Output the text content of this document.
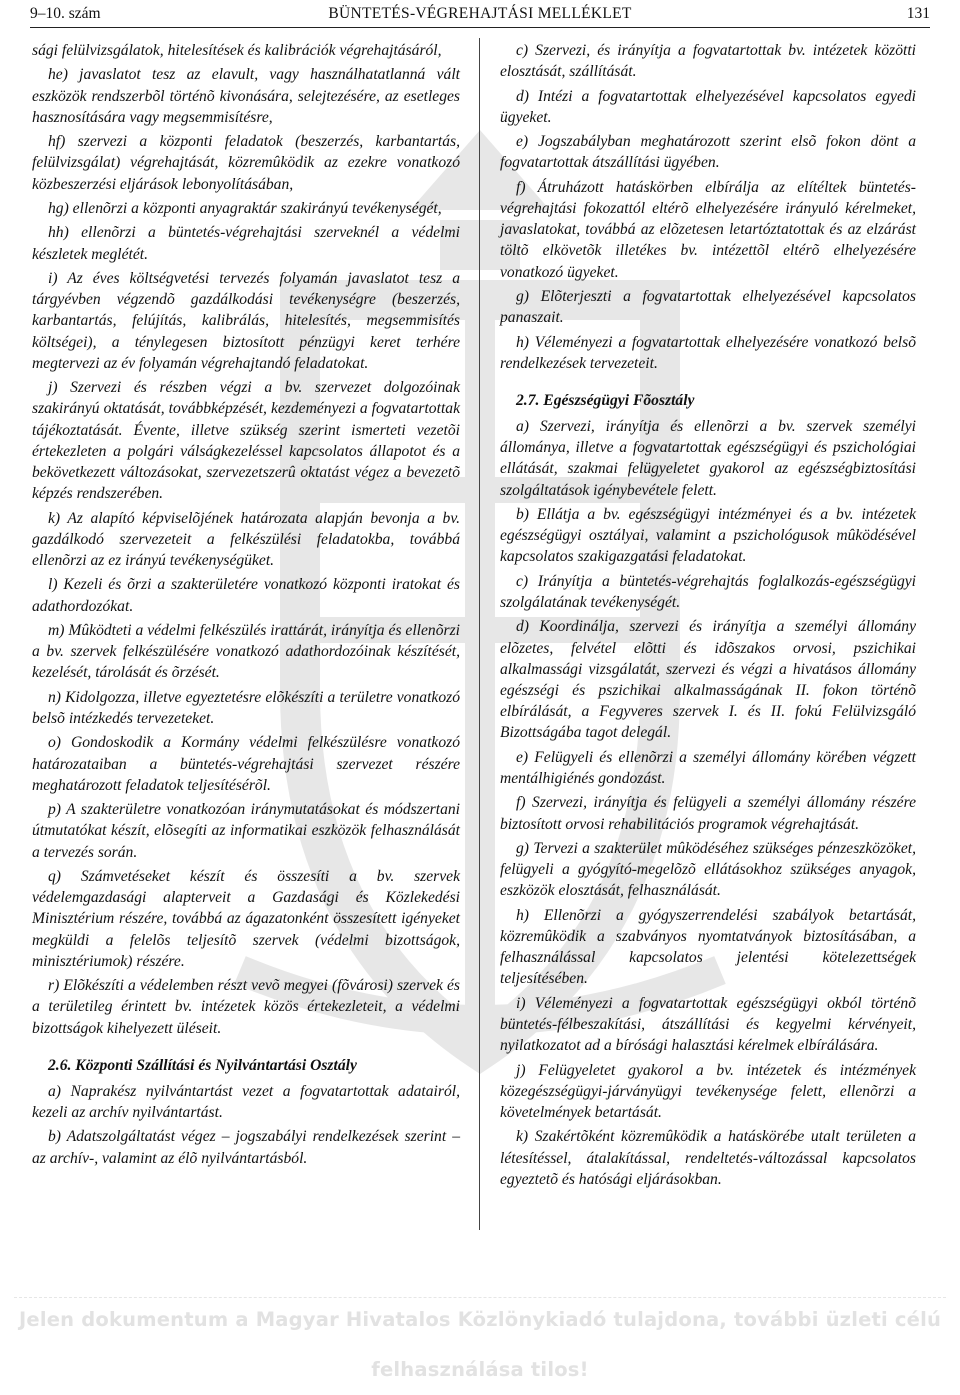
9–10. szám	BÜNTETÉS-VÉGREHAJTÁSI MELLÉKLET	131

sági felülvizsgálatok, hitelesítések és kalibrációk végrehajtásáról,

he) javaslatot tesz az elavult, vagy használhatatlanná vált eszközök rendszerbõl történõ kivonására, selejtezésére, az esetleges hasznosítására vagy megsemmisítésre,

hf) szervezi a központi feladatok (beszerzés, karbantartás, felülvizsgálat) végrehajtását, közremûködik az ezekre vonatkozó közbeszerzési eljárások lebonyolításában,

hg) ellenõrzi a központi anyagraktár szakirányú tevékenységét,

hh) ellenõrzi a büntetés-végrehajtási szerveknél a védelmi készletek meglétét.

i) Az éves költségvetési tervezés folyamán javaslatot tesz a tárgyévben végzendõ gazdálkodási tevékenységre (beszerzés, karbantartás, felújítás, kalibrálás, hitelesítés, megsemmisítés költségei), a ténylegesen biztosított pénzügyi keret terhére megtervezi az év folyamán végrehajtandó feladatokat.

j) Szervezi és részben végzi a bv. szervezet dolgozóinak szakirányú oktatását, továbbképzését, kezdeményezi a fogvatartottak tájékoztatását. Évente, illetve szükség szerint ismerteti vezetõi értekezleten a polgári válságkezeléssel kapcsolatos állapotot és a bekövetkezett változásokat, szervezetszerû oktatást végez a bevezetõ képzés rendszerében.

k) Az alapító képviselõjének határozata alapján bevonja a bv. gazdálkodó szervezeteit a felkészülési feladatokba, továbbá ellenõrzi az ez irányú tevékenységüket.

l) Kezeli és õrzi a szakterületére vonatkozó központi iratokat és adathordozókat.

m) Mûködteti a védelmi felkészülés irattárát, irányítja és ellenõrzi a bv. szervek felkészülésére vonatkozó adathordozóinak készítését, kezelését, tárolását és õrzését.

n) Kidolgozza, illetve egyeztetésre elõkészíti a területre vonatkozó belsõ intézkedés tervezeteket.

o) Gondoskodik a Kormány védelmi felkészülésre vonatkozó határozataiban a büntetés-végrehajtási szervezet részére meghatározott feladatok teljesítésérõl.

p) A szakterületre vonatkozóan iránymutatásokat és módszertani útmutatókat készít, elõsegíti az informatikai eszközök felhasználását a tervezés során.

q) Számvetéseket készít és összesíti a bv. szervek védelemgazdasági alapterveit a Gazdasági és Közlekedési Minisztérium részére, továbbá az ágazatonként összesített igényeket megküldi a felelõs teljesítõ szervek (védelmi bizottságok, minisztériumok) részére.

r) Elõkészíti a védelemben részt vevõ megyei (fõvárosi) szervek és a területileg érintett bv. intézetek közös értekezleteit, a védelmi bizottságok kihelyezett üléseit.

2.6. Központi Szállítási és Nyilvántartási Osztály

a) Naprakész nyilvántartást vezet a fogvatartottak adatairól, kezeli az archív nyilvántartást.

b) Adatszolgáltatást végez – jogszabályi rendelkezések szerint – az archív-, valamint az élõ nyilvántartásból.

c) Szervezi, és irányítja a fogvatartottak bv. intézetek közötti elosztását, szállítását.

d) Intézi a fogvatartottak elhelyezésével kapcsolatos egyedi ügyeket.

e) Jogszabályban meghatározott szerint elsõ fokon dönt a fogvatartottak átszállítási ügyében.

f) Átruházott hatáskörben elbírálja az elítéltek büntetés-végrehajtási fokozattól eltérõ elhelyezésére irányuló kérelmeket, javaslatokat, továbbá az elõzetesen letartóztatottak és az elzárást töltõ elkövetõk illetékes bv. intézettõl eltérõ elhelyezésére vonatkozó ügyeket.

g) Elõterjeszti a fogvatartottak elhelyezésével kapcsolatos panaszait.

h) Véleményezi a fogvatartottak elhelyezésére vonatkozó belsõ rendelkezések tervezeteit.

2.7. Egészségügyi Fõosztály

a) Szervezi, irányítja és ellenõrzi a bv. szervek személyi állománya, illetve a fogvatartottak egészségügyi és pszichológiai ellátását, szakmai felügyeletet gyakorol az egészségbiztosítási szolgáltatások igénybevétele felett.

b) Ellátja a bv. egészségügyi intézményei és a bv. intézetek egészségügyi osztályai, valamint a pszichológusok mûködésével kapcsolatos szakigazgatási feladatokat.

c) Irányítja a büntetés-végrehajtás foglalkozás-egészségügyi szolgálatának tevékenységét.

d) Koordinálja, szervezi és irányítja a személyi állomány elõzetes, felvétel elõtti és idõszakos orvosi, pszichikai alkalmassági vizsgálatát, szervezi és végzi a hivatásos állomány egészségi és pszichikai alkalmasságának II. fokon történõ elbírálását, a Fegyveres szervek I. és II. fokú Felülvizsgáló Bizottságába tagot delegál.

e) Felügyeli és ellenõrzi a személyi állomány körében végzett mentálhigiénés gondozást.

f) Szervezi, irányítja és felügyeli a személyi állomány részére biztosított orvosi rehabilitációs programok végrehajtását.

g) Tervezi a szakterület mûködéséhez szükséges pénzeszközöket, felügyeli a gyógyító-megelõzõ ellátásokhoz szükséges anyagok, eszközök elosztását, felhasználását.

h) Ellenõrzi a gyógyszerrendelési szabályok betartását, közremûködik a szabványos nyomtatványok biztosításában, a felhasználással kapcsolatos jelentési kötelezettségek teljesítésében.

i) Véleményezi a fogvatartottak egészségügyi okból történõ büntetés-félbeszakítási, átszállítási és kegyelmi kérvényeit, nyilatkozatot ad a bírósági halasztási kérelmek elbírálására.

j) Felügyeletet gyakorol a bv. intézetek és intézmények közegészségügyi-járványügyi tevékenysége felett, ellenõrzi a követelmények betartását.

k) Szakértõként közremûködik a hatáskörébe utalt területen a létesítéssel, átalakítással, rendeltetés-változással kapcsolatos egyeztetõ és hatósági eljárásokban.

Jelen dokumentum a Magyar Hivatalos Közlönykiadó tulajdona, további üzleti célú felhasználása tilos!
